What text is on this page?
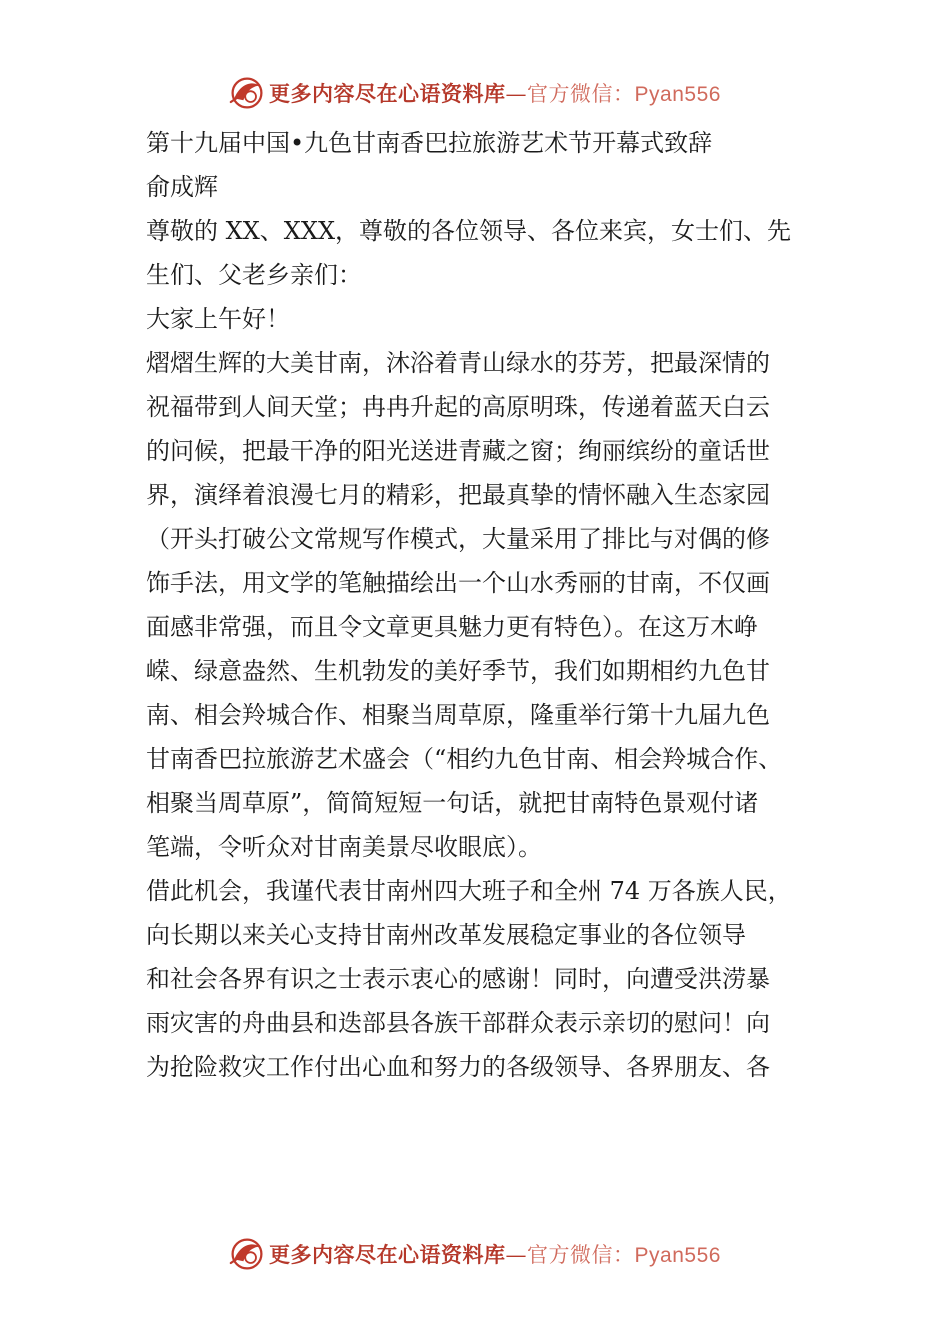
更多内容尽在心语资料库—官方微信：Pyan556
第十九届中国•九色甘南香巴拉旅游艺术节开幕式致辞
俞成辉
尊敬的 XX、XXX，尊敬的各位领导、各位来宾，女士们、先
生们、父老乡亲们：
大家上午好！
熠熠生辉的大美甘南，沐浴着青山绿水的芬芳，把最深情的
祝福带到人间天堂；冉冉升起的高原明珠，传递着蓝天白云
的问候，把最干净的阳光送进青藏之窗；绚丽缤纷的童话世
界，演绎着浪漫七月的精彩，把最真挚的情怀融入生态家园
（开头打破公文常规写作模式，大量采用了排比与对偶的修
饰手法，用文学的笔触描绘出一个山水秀丽的甘南，不仅画
面感非常强，而且令文章更具魅力更有特色）。在这万木峥
嵘、绿意盎然、生机勃发的美好季节，我们如期相约九色甘
南、相会羚城合作、相聚当周草原，隆重举行第十九届九色
甘南香巴拉旅游艺术盛会（“相约九色甘南、相会羚城合作、
相聚当周草原”，简简短短一句话，就把甘南特色景观付诸
笔端，令听众对甘南美景尽收眼底）。
借此机会，我谨代表甘南州四大班子和全州 74 万各族人民，
向长期以来关心支持甘南州改革发展稳定事业的各位领导
和社会各界有识之士表示衷心的感谢！同时，向遭受洪涝暴
雨灾害的舟曲县和迭部县各族干部群众表示亲切的慰问！向
为抢险救灾工作付出心血和努力的各级领导、各界朋友、各
更多内容尽在心语资料库—官方微信：Pyan556
